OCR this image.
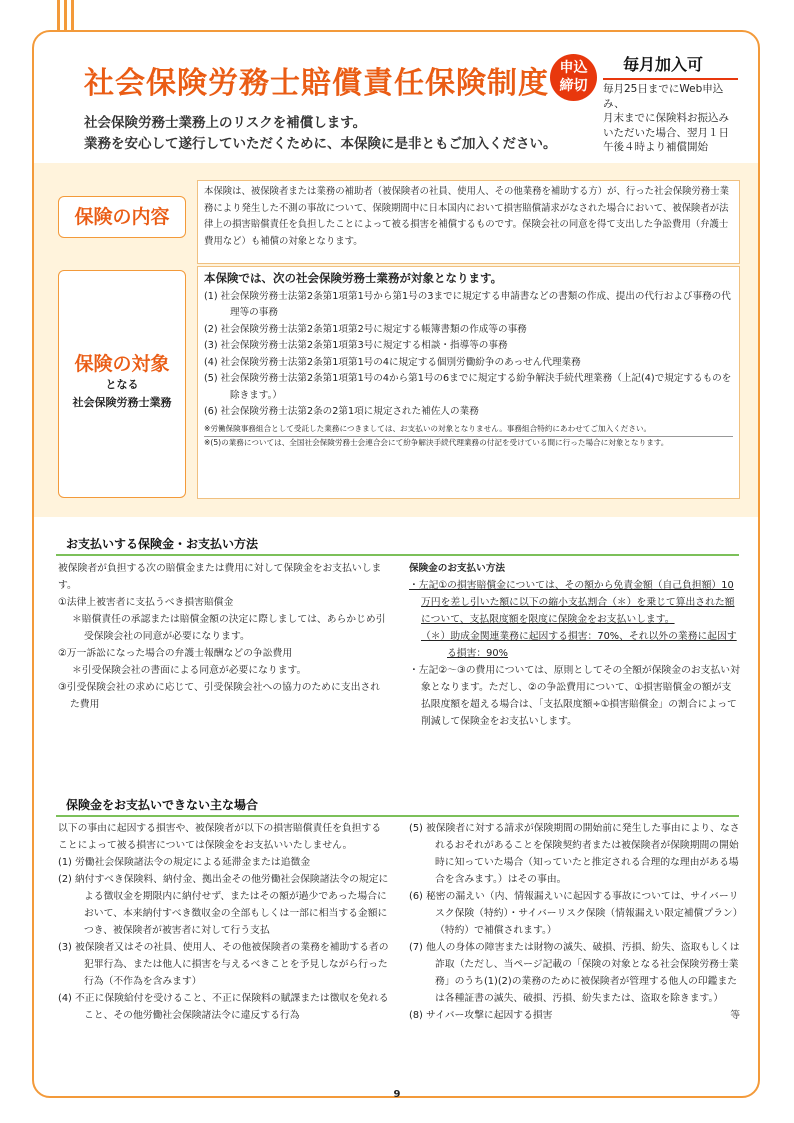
社会保険労務士賠償責任保険制度 申込
締切
毎月加入可
毎月25日までにWeb申込み、
月末までに保険料お振込み
いただいた場合、翌月１日
午後４時より補償開始
社会保険労務士業務上のリスクを補償します。
業務を安心して遂行していただくために、本保険に是非ともご加入ください。
保険の内容
本保険は、被保険者または業務の補助者（被保険者の社員、使用人、その他業務を補助する方）が、行った社会保険労務士業務により発生した不測の事故について、保険期間中に日本国内において損害賠償請求がなされた場合において、被保険者が法律上の損害賠償責任を負担したことによって被る損害を補償するものです。保険会社の同意を得て支出した争訟費用（弁護士費用など）も補償の対象となります。
保険の対象
となる
社会保険労務士業務
本保険では、次の社会保険労務士業務が対象となります。
(1) 社会保険労務士法第2条第1項第1号から第1号の3までに規定する申請書などの書類の作成、提出の代行および事務の代理等の事務
(2) 社会保険労務士法第2条第1項第2号に規定する帳簿書類の作成等の事務
(3) 社会保険労務士法第2条第1項第3号に規定する相談・指導等の事務
(4) 社会保険労務士法第2条第1項第1号の4に規定する個別労働紛争のあっせん代理業務
(5) 社会保険労務士法第2条第1項第1号の4から第1号の6までに規定する紛争解決手続代理業務（上記(4)で規定するものを除きます。）
(6) 社会保険労務士法第2条の2第1項に規定された補佐人の業務
※労働保険事務組合として受託した業務につきましては、お支払いの対象となりません。事務組合特約にあわせてご加入ください。
※(5)の業務については、全国社会保険労務士会連合会にて紛争解決手続代理業務の付記を受けている間に行った場合に対象となります。
お支払いする保険金・お支払い方法
被保険者が負担する次の賠償金または費用に対して保険金をお支払いします。
①法律上被害者に支払うべき損害賠償金
＊賠償責任の承認または賠償金額の決定に際しましては、あらかじめ引受保険会社の同意が必要になります。
②万一訴訟になった場合の弁護士報酬などの争訟費用
＊引受保険会社の書面による同意が必要になります。
③引受保険会社の求めに応じて、引受保険会社への協力のために支出された費用
保険金のお支払い方法
・左記①の損害賠償金については、その額から免責金額（自己負担額）10万円を差し引いた額に以下の縮小支払割合（＊）を乗じて算出された額について、支払限度額を限度に保険金をお支払いします。
（＊）助成金関連業務に起因する損害：70%、それ以外の業務に起因する損害：90%
・左記②～③の費用については、原則としてその全額が保険金のお支払い対象となります。ただし、②の争訟費用について、①損害賠償金の額が支払限度額を超える場合は、「支払限度額÷①損害賠償金」の割合によって削減して保険金をお支払いします。
保険金をお支払いできない主な場合
以下の事由に起因する損害や、被保険者が以下の損害賠償責任を負担することによって被る損害については保険金をお支払いいたしません。
(1) 労働社会保険諸法令の規定による延滞金または追徴金
(2) 納付すべき保険料、納付金、拠出金その他労働社会保険諸法令の規定による徴収金を期限内に納付せず、またはその額が過少であった場合において、本来納付すべき徴収金の全部もしくは一部に相当する金額につき、被保険者が被害者に対して行う支払
(3) 被保険者又はその社員、使用人、その他被保険者の業務を補助する者の犯罪行為、または他人に損害を与えるべきことを予見しながら行った行為（不作為を含みます）
(4) 不正に保険給付を受けること、不正に保険料の賦課または徴収を免れること、その他労働社会保険諸法令に違反する行為
(5) 被保険者に対する請求が保険期間の開始前に発生した事由により、なされるおそれがあることを保険契約者または被保険者が保険期間の開始時に知っていた場合（知っていたと推定される合理的な理由がある場合を含みます。）はその事由。
(6) 秘密の漏えい（内、情報漏えいに起因する事故については、サイバーリスク保険（特約）・サイバーリスク保険（情報漏えい限定補償プラン）（特約）で補償されます。）
(7) 他人の身体の障害または財物の滅失、破損、汚損、紛失、盗取もしくは詐取（ただし、当ページ記載の「保険の対象となる社会保険労務士業務」のうち(1)(2)の業務のために被保険者が管理する他人の印鑑または各種証書の滅失、破損、汚損、紛失または、盗取を除きます。）
(8) サイバー攻撃に起因する損害	等
9
